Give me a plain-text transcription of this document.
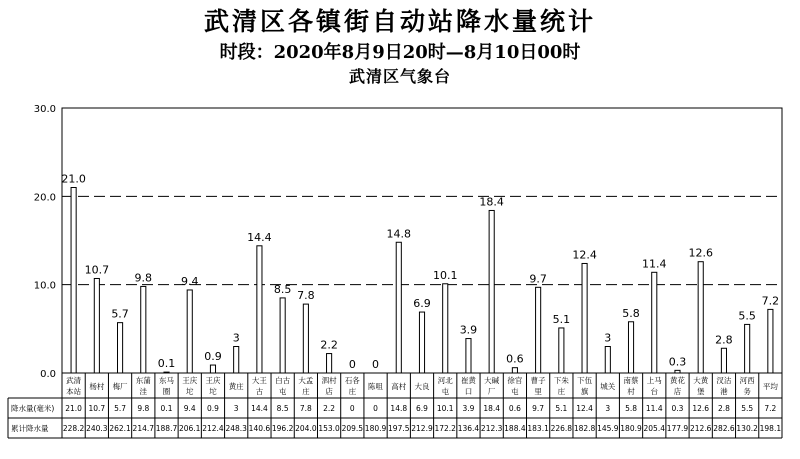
武清区各镇街自动站降水量统计
时段：2020年8月9日20时—8月10日00时
武清区气象台
21.0
10.7
5.7
9.8
0.1
9.4
0.9
3
14.4
8.5 7.8
2.2
0 0
14.8
6.9
10.1
3.9
18.4
0.6
9.7
5.1
12.4
3
5.8
11.4
0.3
12.6
2.8
5.5
7.2
0.0
10.0
20.0
30.0
武清
本站
杨村 梅厂
东蒲
洼
东马
圈
王庆
坨
王庆
坨
黄庄
大王
古
白古
屯
大孟
庄
泗村
店
石各
庄
陈咀 高村 大良
河北
屯
崔黄
口
大碱
厂
徐官
屯
曹子
里
下朱
庄
下伍
旗
城关
南蔡
村
上马
台
黄花
店
大黄
堡
汊沽
港
河西
务
平均
降水量(毫米) 21.0 10.7 5.7 9.8 0.1 9.4 0.9 3 14.4 8.5 7.8 2.2 0 0 14.8 6.9 10.1 3.9 18.4 0.6 9.7 5.1 12.4 3 5.8 11.4 0.3 12.6 2.8 5.5 7.2
累计降水量 228.2 240.3 262.1 214.7 188.7 206.1 212.4 248.3 140.6 196.2 204.0 153.0 209.5 180.9 197.5 212.9 172.2 136.4 212.3 188.4 183.1 226.8 182.8 145.9 180.9 205.4 177.9 212.6 282.6 130.2 198.1
